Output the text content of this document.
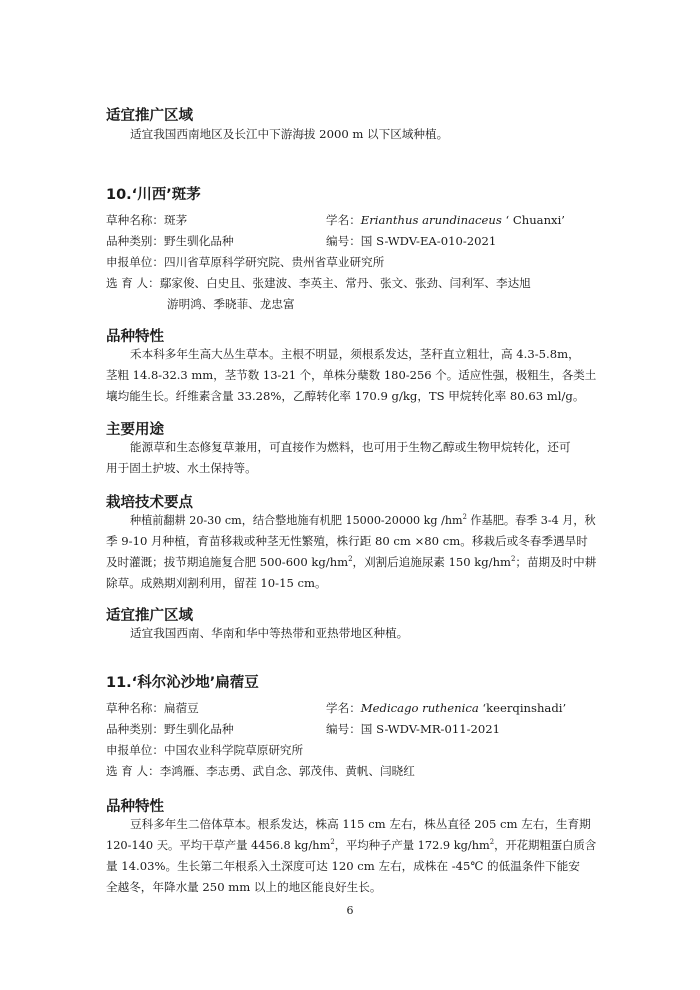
适宜推广区域
适宜我国西南地区及长江中下游海拔 2000 m 以下区域种植。
10.‘川西’斑茅
草种名称：斑茅	学名：Erianthus arundinaceus ‘ Chuanxi’
品种类别：野生驯化品种	编号：国 S-WDV-EA-010-2021
申报单位：四川省草原科学研究院、贵州省草业研究所
选 育 人：鄢家俊、白史且、张建波、李英主、常丹、张文、张劲、闫利军、李达旭
游明鸿、季晓菲、龙忠富
品种特性
禾本科多年生高大丛生草本。主根不明显，须根系发达，茎秆直立粗壮，高 4.3-5.8m，
茎粗 14.8-32.3 mm，茎节数 13-21 个，单株分蘖数 180-256 个。适应性强，极粗生，各类土
壤均能生长。纤维素含量 33.28%，乙醇转化率 170.9 g/kg，TS 甲烷转化率 80.63 ml/g。
主要用途
能源草和生态修复草兼用，可直接作为燃料，也可用于生物乙醇或生物甲烷转化，还可
用于固土护坡、水土保持等。
栽培技术要点
种植前翻耕 20-30 cm，结合整地施有机肥 15000-20000 kg $/hm^2$ 作基肥。春季 3-4 月，秋
季 9-10 月种植，育苗移栽或种茎无性繁殖，株行距 80 cm ×80 cm。移栽后或冬春季遇旱时
及时灌溉；拔节期追施复合肥 500-600 $kg/hm^2$，刈割后追施尿素 150 $kg/hm^2$；苗期及时中耕
除草。成熟期刈割利用，留茬 10-15 cm。
适宜推广区域
适宜我国西南、华南和华中等热带和亚热带地区种植。
11.‘科尔沁沙地’扁蓿豆
草种名称：扁蓿豆	学名：Medicago ruthenica ‘keerqinshadi’
品种类别：野生驯化品种	编号：国 S-WDV-MR-011-2021
申报单位：中国农业科学院草原研究所
选 育 人：李鸿雁、李志勇、武自念、郭茂伟、黄帆、闫晓红
品种特性
豆科多年生二倍体草本。根系发达，株高 115 cm 左右，株丛直径 205 cm 左右，生育期
120-140 天。平均干草产量 4456.8 $kg/hm^2$，平均种子产量 172.9 $kg/hm^2$，开花期粗蛋白质含
量 14.03%。生长第二年根系入土深度可达 120 cm 左右，成株在 -45℃ 的低温条件下能安
全越冬，年降水量 250 mm 以上的地区能良好生长。
6
